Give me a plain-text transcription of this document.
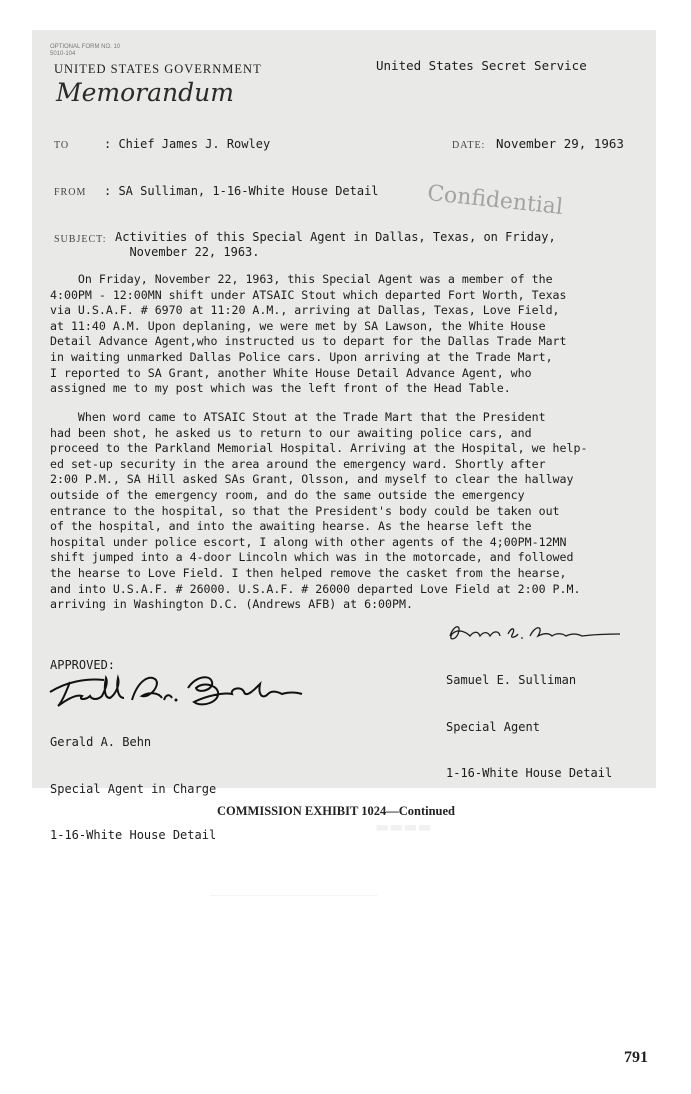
OPTIONAL FORM NO. 10
5010-104
UNITED STATES GOVERNMENT	United States Secret Service
Memorandum
TO	: Chief James J. Rowley	DATE: November 29, 1963
FROM : SA Sulliman, 1-16-White House Detail
SUBJECT: Activities of this Special Agent in Dallas, Texas, on Friday,
November 22, 1963.
Confidential
On Friday, November 22, 1963, this Special Agent was a member of the
4:00PM - 12:00MN shift under ATSAIC Stout which departed Fort Worth, Texas
via U.S.A.F. # 6970 at 11:20 A.M., arriving at Dallas, Texas, Love Field,
at 11:40 A.M. Upon deplaning, we were met by SA Lawson, the White House
Detail Advance Agent,who instructed us to depart for the Dallas Trade Mart
in waiting unmarked Dallas Police cars. Upon arriving at the Trade Mart,
I reported to SA Grant, another White House Detail Advance Agent, who
assigned me to my post which was the left front of the Head Table.
When word came to ATSAIC Stout at the Trade Mart that the President
had been shot, he asked us to return to our awaiting police cars, and
proceed to the Parkland Memorial Hospital. Arriving at the Hospital, we help-
ed set-up security in the area around the emergency ward. Shortly after
2:00 P.M., SA Hill asked SAs Grant, Olsson, and myself to clear the hallway
outside of the emergency room, and do the same outside the emergency
entrance to the hospital, so that the President's body could be taken out
of the hospital, and into the awaiting hearse. As the hearse left the
hospital under police escort, I along with other agents of the 4;00PM-12MN
shift jumped into a 4-door Lincoln which was in the motorcade, and followed
the hearse to Love Field. I then helped remove the casket from the hearse,
and into U.S.A.F. # 26000. U.S.A.F. # 26000 departed Love Field at 2:00 P.M.
arriving in Washington D.C. (Andrews AFB) at 6:00PM.

Samuel E. Sulliman

Special Agent

1-16-White House Detail

APPROVED:

Gerald A. Behn

Special Agent in Charge

1-16-White House Detail

COMMISSION EXHIBIT 1024—Continued
▬▬▬▬
——————————————
791
